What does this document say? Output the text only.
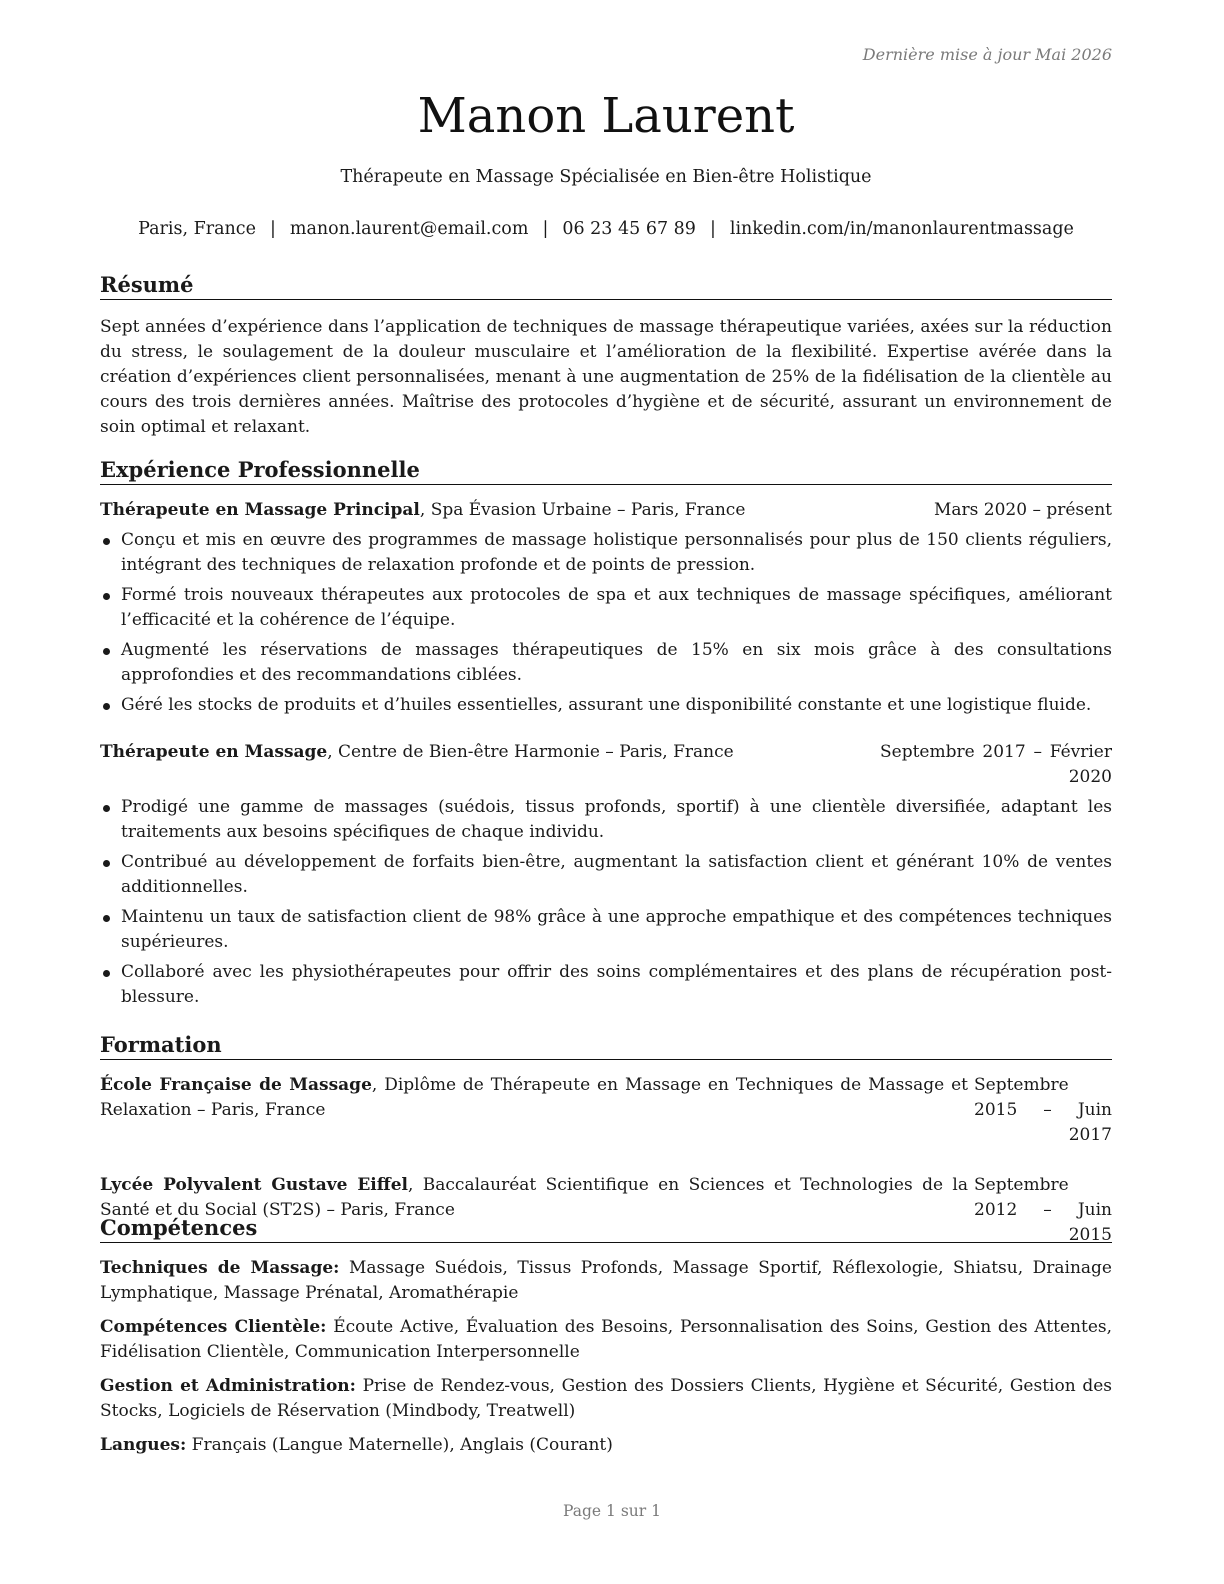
Dernière mise à jour Mai 2026
Manon Laurent
Thérapeute en Massage Spécialisée en Bien-être Holistique
Paris, France | manon.laurent@email.com | 06 23 45 67 89 | linkedin.com/in/manonlaurentmassage
Résumé

Sept années d’expérience dans l’application de techniques de massage thérapeutique variées, axées sur la réduction du stress, le soulagement de la douleur musculaire et l’amélioration de la flexibilité. Expertise avérée dans la création d’expériences client personnalisées, menant à une augmentation de 25% de la fidélisation de la clientèle au cours des trois dernières années. Maîtrise des protocoles d’hygiène et de sécurité, assurant un environnement de soin optimal et relaxant.

Expérience Professionnelle
Thérapeute en Massage Principal, Spa Évasion Urbaine – Paris, France	Mars 2020 – présent
Conçu et mis en œuvre des programmes de massage holistique personnalisés pour plus de 150 clients réguliers, intégrant des techniques de relaxation profonde et de points de pression.
Formé trois nouveaux thérapeutes aux protocoles de spa et aux techniques de massage spécifiques, améliorant l’efficacité et la cohérence de l’équipe.
Augmenté les réservations de massages thérapeutiques de 15% en six mois grâce à des consultations approfondies et des recommandations ciblées.
Géré les stocks de produits et d’huiles essentielles, assurant une disponibilité constante et une logistique fluide.
Thérapeute en Massage, Centre de Bien-être Harmonie – Paris, France	Septembre 2017 – Février 2020
Prodigé une gamme de massages (suédois, tissus profonds, sportif) à une clientèle diversifiée, adaptant les traitements aux besoins spécifiques de chaque individu.
Contribué au développement de forfaits bien-être, augmentant la satisfaction client et générant 10% de ventes additionnelles.
Maintenu un taux de satisfaction client de 98% grâce à une approche empathique et des compétences techniques supérieures.
Collaboré avec les physiothérapeutes pour offrir des soins complémentaires et des plans de récupération post-blessure.
Formation
École Française de Massage, Diplôme de Thérapeute en Massage en Techniques de Massage et Relaxation – Paris, France
Septembre 2015 – Juin 2017
Lycée Polyvalent Gustave Eiffel, Baccalauréat Scientifique en Sciences et Technologies de la Santé et du Social (ST2S) – Paris, France
Septembre 2012 – Juin 2015
Compétences

Techniques de Massage: Massage Suédois, Tissus Profonds, Massage Sportif, Réflexologie, Shiatsu, Drainage Lymphatique, Massage Prénatal, Aromathérapie

Compétences Clientèle: Écoute Active, Évaluation des Besoins, Personnalisation des Soins, Gestion des Attentes, Fidélisation Clientèle, Communication Interpersonnelle

Gestion et Administration: Prise de Rendez-vous, Gestion des Dossiers Clients, Hygiène et Sécurité, Gestion des Stocks, Logiciels de Réservation (Mindbody, Treatwell)

Langues: Français (Langue Maternelle), Anglais (Courant)

Page 1 sur 1
